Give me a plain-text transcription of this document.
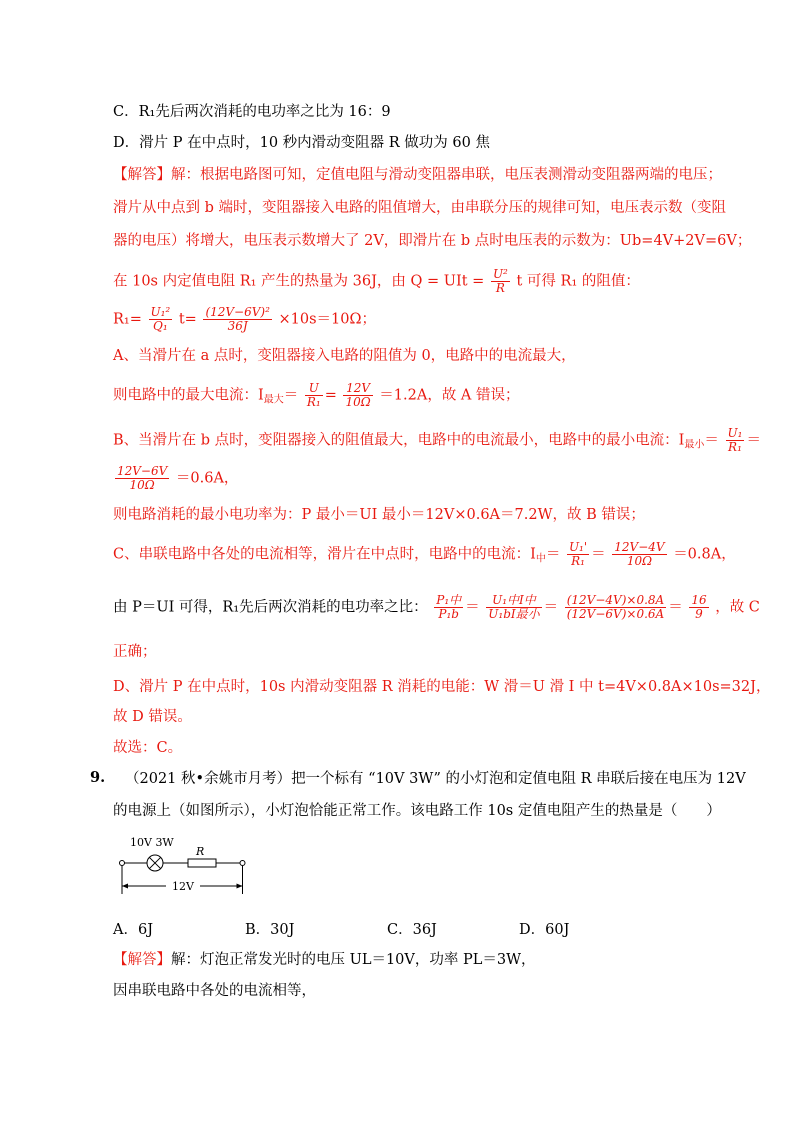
C．R₁先后两次消耗的电功率之比为 16：9
D．滑片 P 在中点时，10 秒内滑动变阻器 R 做功为 60 焦
【解答】解：根据电路图可知，定值电阻与滑动变阻器串联，电压表测滑动变阻器两端的电压；
滑片从中点到 b 端时，变阻器接入电路的阻值增大，由串联分压的规律可知，电压表示数（变阻
器的电压）将增大，电压表示数增大了 2V，即滑片在 b 点时电压表的示数为：Ub=4V+2V=6V；
在 10s 内定值电阻 R₁ 产生的热量为 36J，由 Q = UIt = $\frac{\text{U²}}{R}$ t 可得 R₁ 的阻值：
$R_1= \frac{\text{U₁²}}{\text{Q₁}} t= \frac{\text{(12V−6V)²}}{36J} \times 10s=10\Omega$；
A、当滑片在 a 点时，变阻器接入电路的阻值为 0，电路中的电流最大，
则电路中的最大电流：$I_{最大}= \frac{U}{\text{R₁}} = \frac{12V}{10\Omega} =1.2A$，故 A 错误；
B、当滑片在 b 点时，变阻器接入的阻值最大，电路中的电流最小，电路中的最小电流：$I_{最小}= \frac{\text{U₁}}{\text{R₁}}$ ＝
$\frac{12V-6V}{10\Omega} =0.6A$，
则电路消耗的最小电功率为：P 最小＝UI 最小＝12V×0.6A＝7.2W，故 B 错误；
C、串联电路中各处的电流相等，滑片在中点时，电路中的电流：$I_中= \frac{\text{U₁'}}{\text{R₁}} = \frac{12V-4V}{10\Omega} =0.8A$，
由 P＝UI 可得，R₁先后两次消耗的电功率之比： $\frac{\text{P₁中}}{\text{P₁b}} = \frac{\text{U₁中I中}}{\text{U₁bI最小}} = \frac{(12V-4V)\times 0.8A}{(12V-6V)\times 0.6A} = \frac{16}{9}$ ，故 C
正确；
D、滑片 P 在中点时，10s 内滑动变阻器 R 消耗的电能：W 滑＝U 滑 I 中 t=4V×0.8A×10s=32J，
故 D 错误。
故选：C。
9. （2021 秋•余姚市月考）把一个标有 “10V 3W” 的小灯泡和定值电阻 R 串联后接在电压为 12V
的电源上（如图所示），小灯泡恰能正常工作。该电路工作 10s 定值电阻产生的热量是（　　）
10V 3W
R
12V
A．6J	B．30J	C．36J	D．60J
【解答】解：灯泡正常发光时的电压 UL＝10V，功率 PL＝3W，
因串联电路中各处的电流相等，
